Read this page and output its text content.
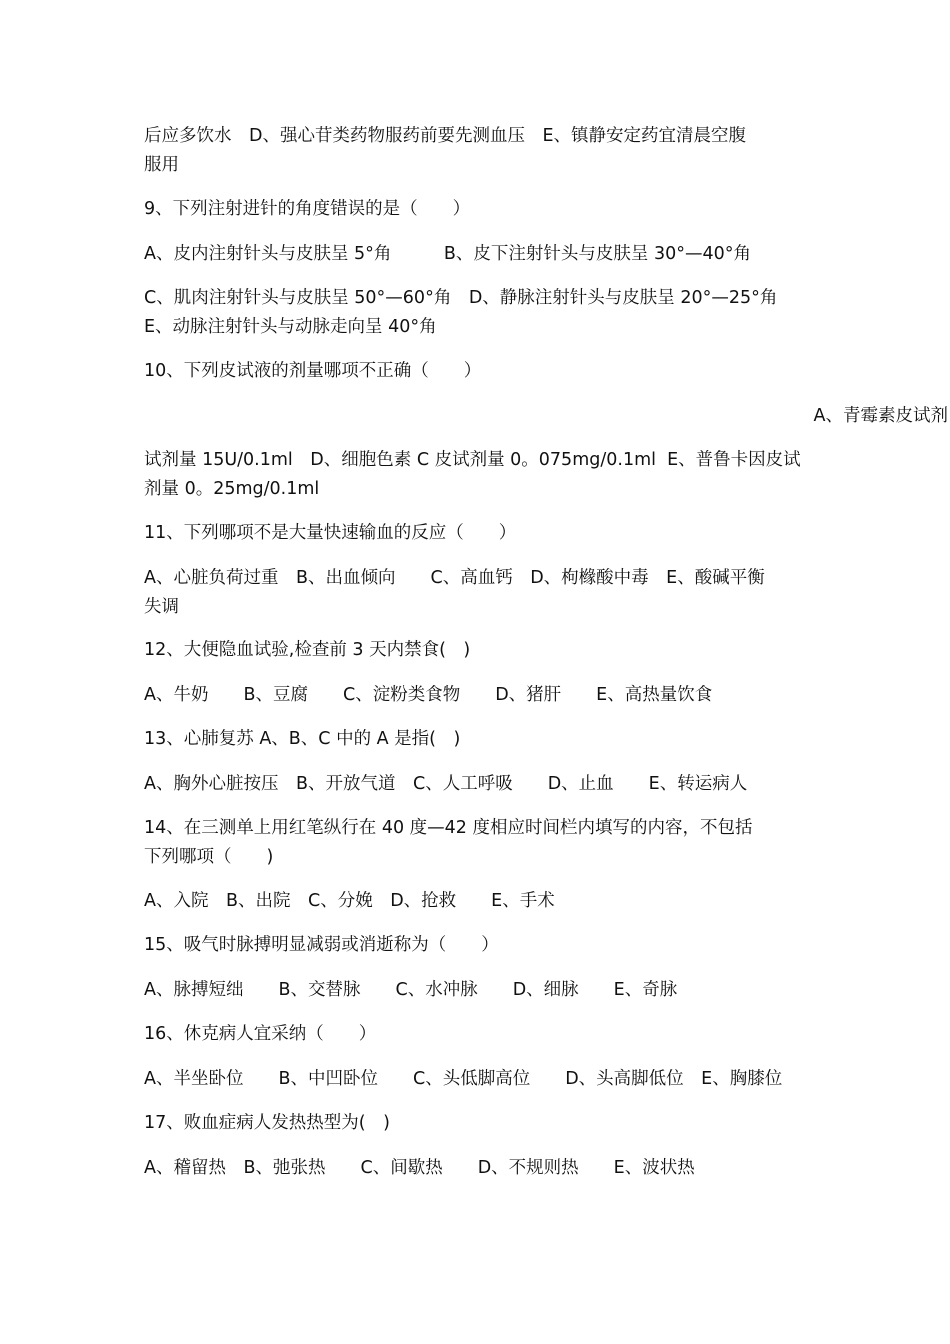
后应多饮水　D、强心苷类药物服药前要先测血压　E、镇静安定药宜清晨空腹

服用

9、下列注射进针的角度错误的是（　　）

A、皮内注射针头与皮肤呈 5°角　　　B、皮下注射针头与皮肤呈 30°—40°角

C、肌肉注射针头与皮肤呈 50°—60°角　D、静脉注射针头与皮肤呈 20°—25°角

E、动脉注射针头与动脉走向呈 40°角

10、下列皮试液的剂量哪项不正确（　　）

A、青霉素皮试剂

试剂量 15U/0.1ml　D、细胞色素 C 皮试剂量 0。075mg/0.1ml  E、普鲁卡因皮试

剂量 0。25mg/0.1ml

11、下列哪项不是大量快速输血的反应（　　）

A、心脏负荷过重　B、出血倾向　　C、高血钙　D、枸橼酸中毒　E、酸碱平衡

失调

12、大便隐血试验,检查前 3 天内禁食(　)

A、牛奶　　B、豆腐　　C、淀粉类食物　　D、猪肝　　E、高热量饮食

13、心肺复苏 A、B、C 中的 A 是指(　)

A、胸外心脏按压　B、开放气道　C、人工呼吸　　D、止血　　E、转运病人

14、在三测单上用红笔纵行在 40 度—42 度相应时间栏内填写的内容，不包括

下列哪项（　　)

A、入院　B、出院　C、分娩　D、抢救　　E、手术

15、吸气时脉搏明显减弱或消逝称为（　　）

A、脉搏短绌　　B、交替脉　　C、水冲脉　　D、细脉　　E、奇脉

16、休克病人宜采纳（　　）

A、半坐卧位　　B、中凹卧位　　C、头低脚高位　　D、头高脚低位　E、胸膝位

17、败血症病人发热热型为(　)

A、稽留热　B、弛张热　　C、间歇热　　D、不规则热　　E、波状热
